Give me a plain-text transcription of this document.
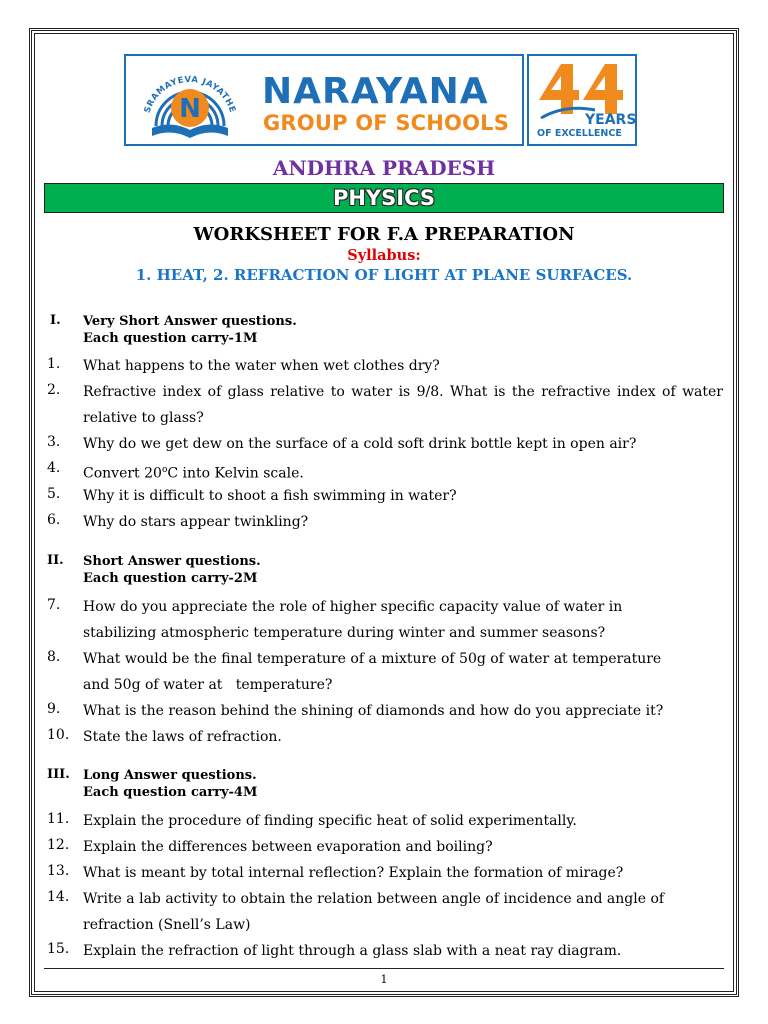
SRAMAYEVA JAYATHE
N NARAYANA
GROUP OF SCHOOLS	YEARS
OF EXCELLENCE
ANDHRA PRADESH
PHYSICS
WORKSHEET FOR F.A PREPARATION
Syllabus:
1. HEAT, 2. REFRACTION OF LIGHT AT PLANE SURFACES.
I. Very Short Answer questions.
Each question carry-1M
1. What happens to the water when wet clothes dry?
2. Refractive index of glass relative to water is 9/8. What is the refractive index of water relative to glass?
3. Why do we get dew on the surface of a cold soft drink bottle kept in open air?
4. Convert 20$^o$C into Kelvin scale.
5. Why it is difficult to shoot a fish swimming in water?
6. Why do stars appear twinkling?
II. Short Answer questions.
Each question carry-2M
7. How do you appreciate the role of higher specific capacity value of water in
stabilizing atmospheric temperature during winter and summer seasons?
8. What would be the final temperature of a mixture of 50g of water at temperature
and 50g of water at   temperature?
9. What is the reason behind the shining of diamonds and how do you appreciate it?
10. State the laws of refraction.
III. Long Answer questions.
Each question carry-4M
11. Explain the procedure of finding specific heat of solid experimentally.
12. Explain the differences between evaporation and boiling?
13. What is meant by total internal reflection? Explain the formation of mirage?
14. Write a lab activity to obtain the relation between angle of incidence and angle of
refraction (Snell’s Law)
15. Explain the refraction of light through a glass slab with a neat ray diagram.
1
